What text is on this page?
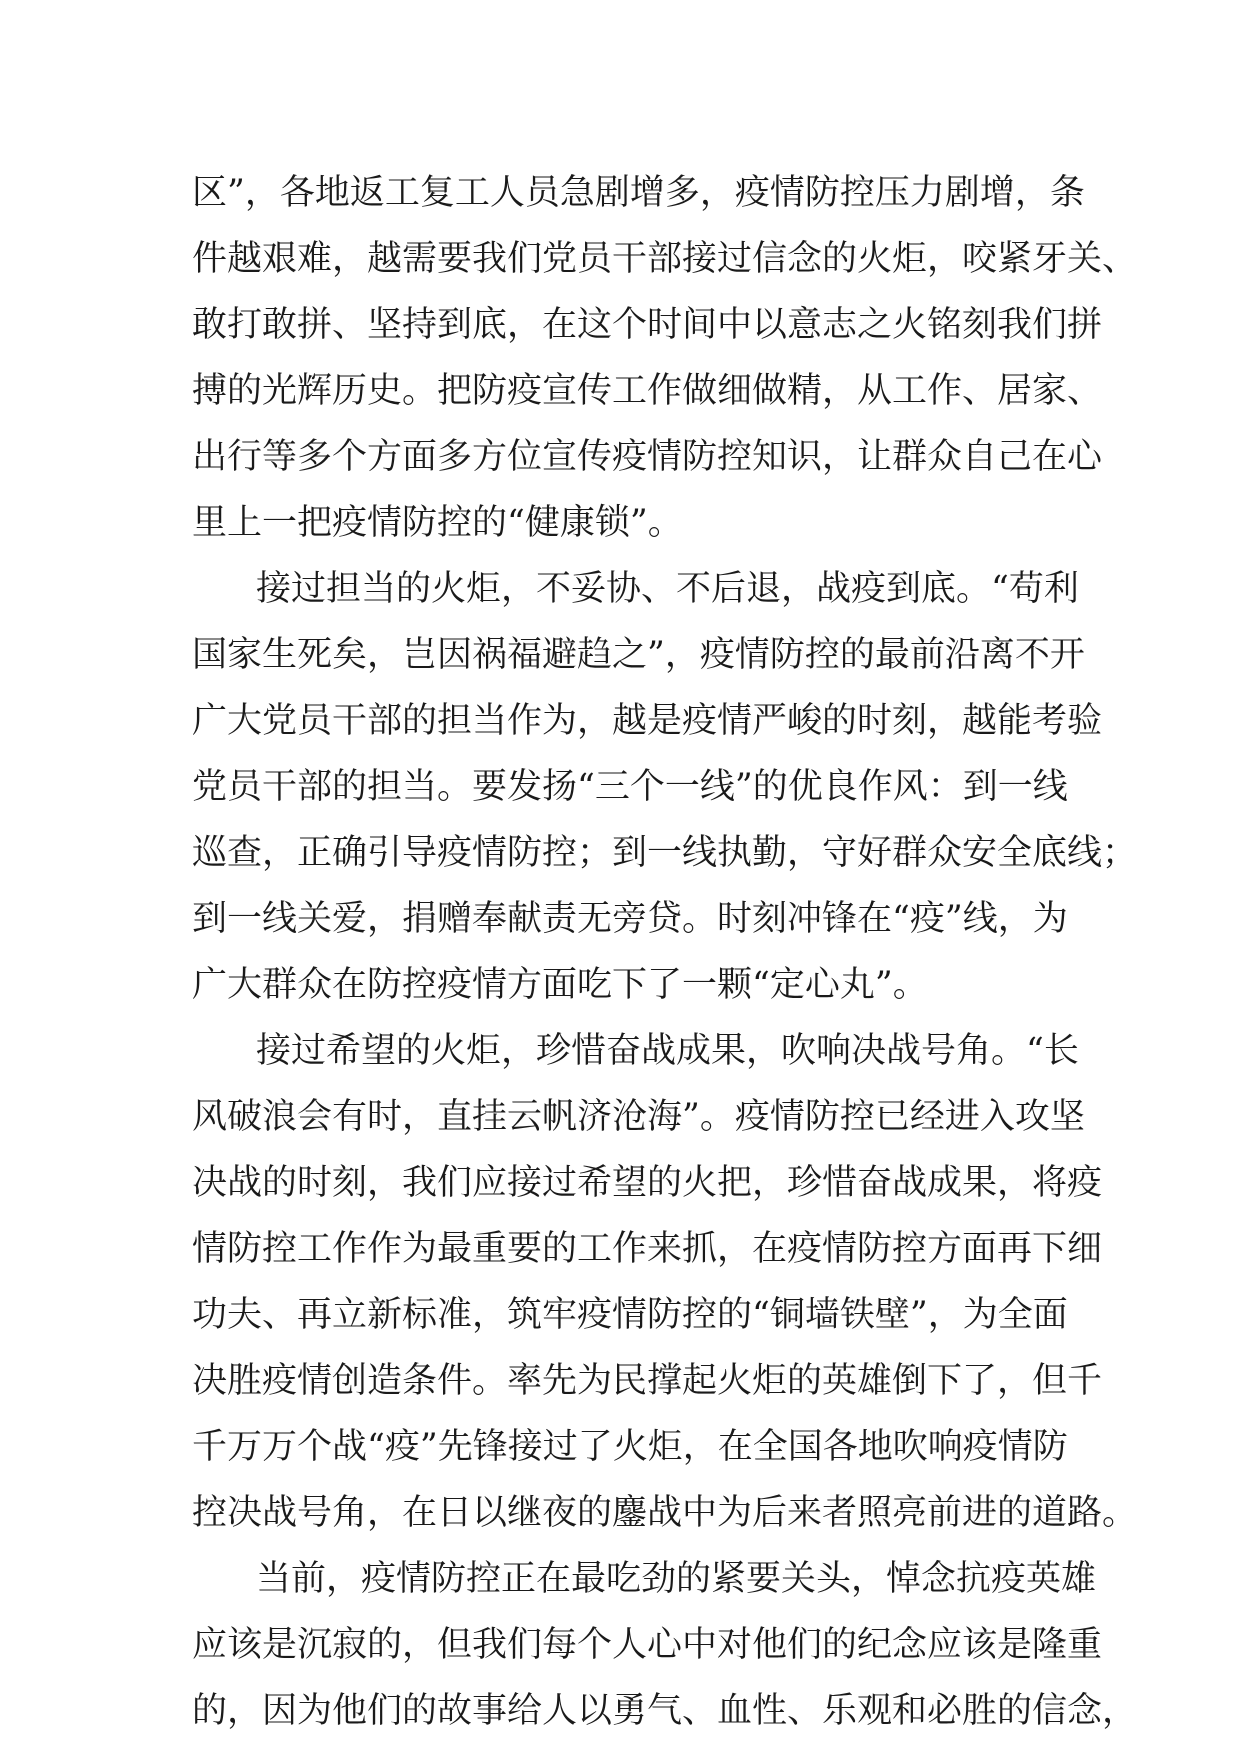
区”，各地返工复工人员急剧增多，疫情防控压力剧增，条
件越艰难，越需要我们党员干部接过信念的火炬，咬紧牙关、
敢打敢拼、坚持到底，在这个时间中以意志之火铭刻我们拼
搏的光辉历史。把防疫宣传工作做细做精，从工作、居家、
出行等多个方面多方位宣传疫情防控知识，让群众自己在心
里上一把疫情防控的“健康锁”。
接过担当的火炬，不妥协、不后退，战疫到底。“苟利
国家生死矣，岂因祸福避趋之”，疫情防控的最前沿离不开
广大党员干部的担当作为，越是疫情严峻的时刻，越能考验
党员干部的担当。要发扬“三个一线”的优良作风：到一线
巡查，正确引导疫情防控；到一线执勤，守好群众安全底线；
到一线关爱，捐赠奉献责无旁贷。时刻冲锋在“疫”线，为
广大群众在防控疫情方面吃下了一颗“定心丸”。
接过希望的火炬，珍惜奋战成果，吹响决战号角。“长
风破浪会有时，直挂云帆济沧海”。疫情防控已经进入攻坚
决战的时刻，我们应接过希望的火把，珍惜奋战成果，将疫
情防控工作作为最重要的工作来抓，在疫情防控方面再下细
功夫、再立新标准，筑牢疫情防控的“铜墙铁壁”，为全面
决胜疫情创造条件。率先为民撑起火炬的英雄倒下了，但千
千万万个战“疫”先锋接过了火炬，在全国各地吹响疫情防
控决战号角，在日以继夜的鏖战中为后来者照亮前进的道路。
当前，疫情防控正在最吃劲的紧要关头，悼念抗疫英雄
应该是沉寂的，但我们每个人心中对他们的纪念应该是隆重
的，因为他们的故事给人以勇气、血性、乐观和必胜的信念，
